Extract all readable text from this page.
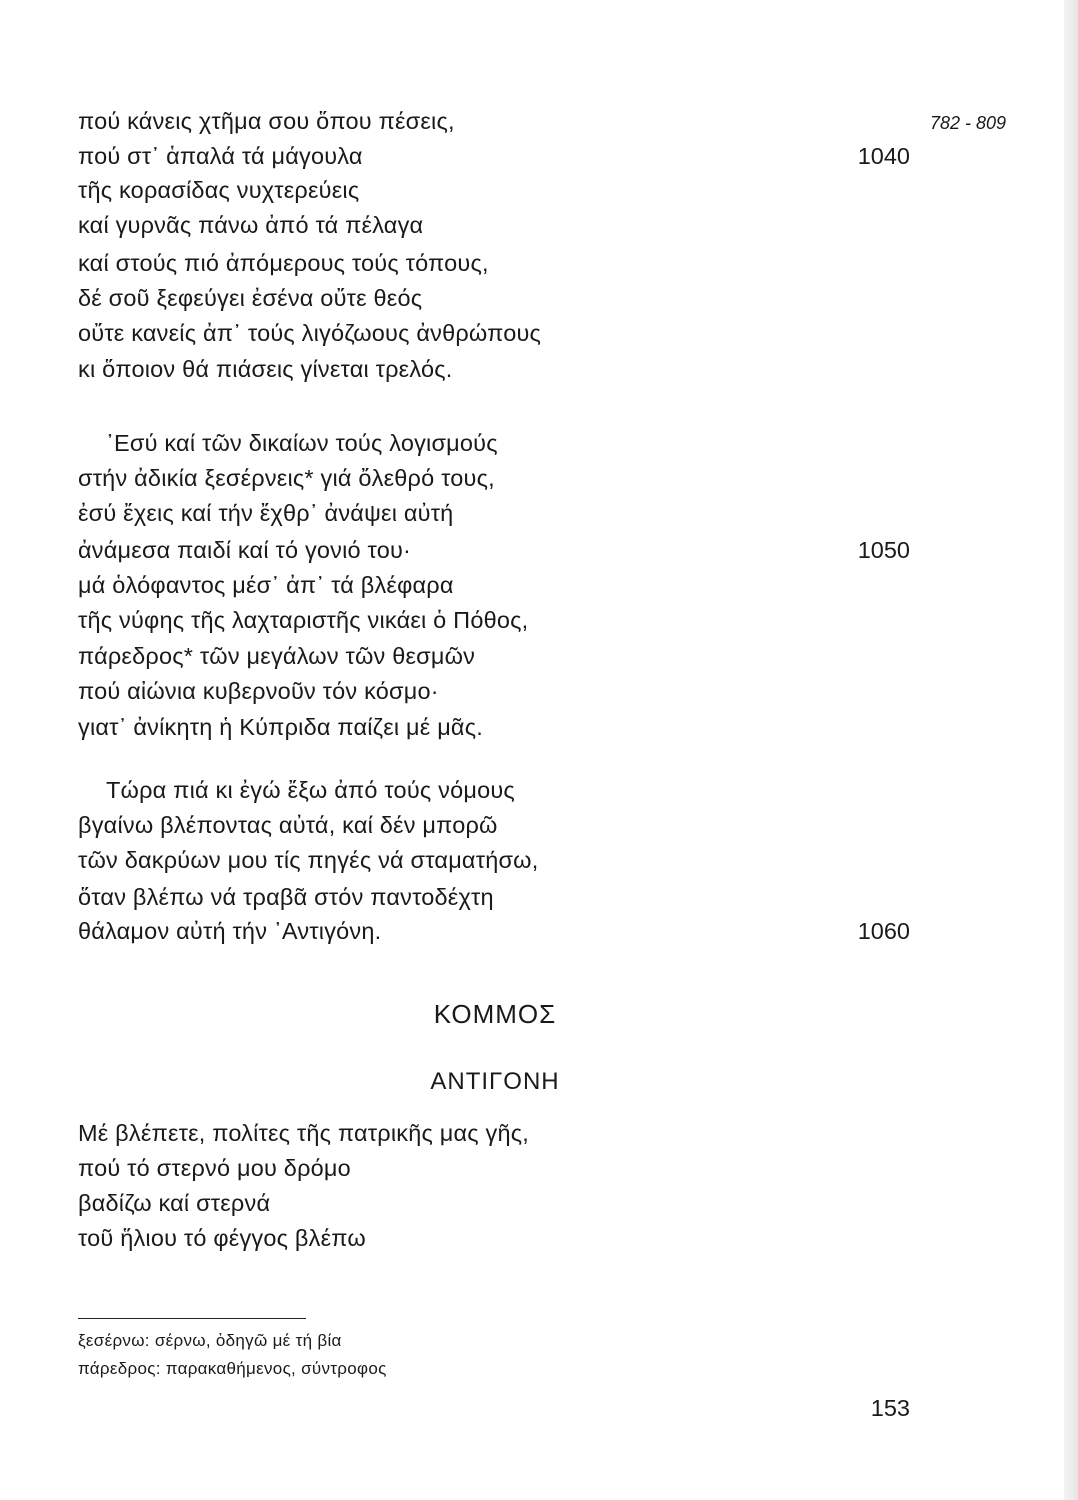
πού κάνεις χτῆμα σου ὅπου πέσεις,	782 - 809
πού στ᾽ ἁπαλά τά μάγουλα	1040
τῆς κορασίδας νυχτερεύεις
καί γυρνᾶς πάνω ἀπό τά πέλαγα
καί στούς πιό ἀπόμερους τούς τόπους,
δέ σοῦ ξεφεύγει ἐσένα οὔτε θεός
οὔτε κανείς ἀπ᾽ τούς λιγόζωους ἀνθρώπους
κι ὅποιον θά πιάσεις γίνεται τρελός.
᾽Εσύ καί τῶν δικαίων τούς λογισμούς
στήν ἀδικία ξεσέρνεις* γιά ὄλεθρό τους,
ἐσύ ἔχεις καί τήν ἔχθρ᾽ ἀνάψει αὐτή
ἀνάμεσα παιδί καί τό γονιό του·	1050
μά ὁλόφαντος μέσ᾽ ἀπ᾽ τά βλέφαρα
τῆς νύφης τῆς λαχταριστῆς νικάει ὁ Πόθος,
πάρεδρος* τῶν μεγάλων τῶν θεσμῶν
πού αἰώνια κυβερνοῦν τόν κόσμο·
γιατ᾽ ἀνίκητη ἡ Κύπριδα παίζει μέ μᾶς.
Τώρα πιά κι ἐγώ ἔξω ἀπό τούς νόμους
βγαίνω βλέποντας αὐτά, καί δέν μπορῶ
τῶν δακρύων μου τίς πηγές νά σταματήσω,
ὅταν βλέπω νά τραβᾶ στόν παντοδέχτη
θάλαμον αὐτή τήν ᾽Αντιγόνη.	1060
ΚΟΜΜΟΣ
ΑΝΤΙΓΟΝΗ
Μέ βλέπετε, πολίτες τῆς πατρικῆς μας γῆς,
πού τό στερνό μου δρόμο
βαδίζω καί στερνά
τοῦ ἥλιου τό φέγγος βλέπω
ξεσέρνω: σέρνω, ὁδηγῶ μέ τή βία
πάρεδρος: παρακαθήμενος, σύντροφος
153
